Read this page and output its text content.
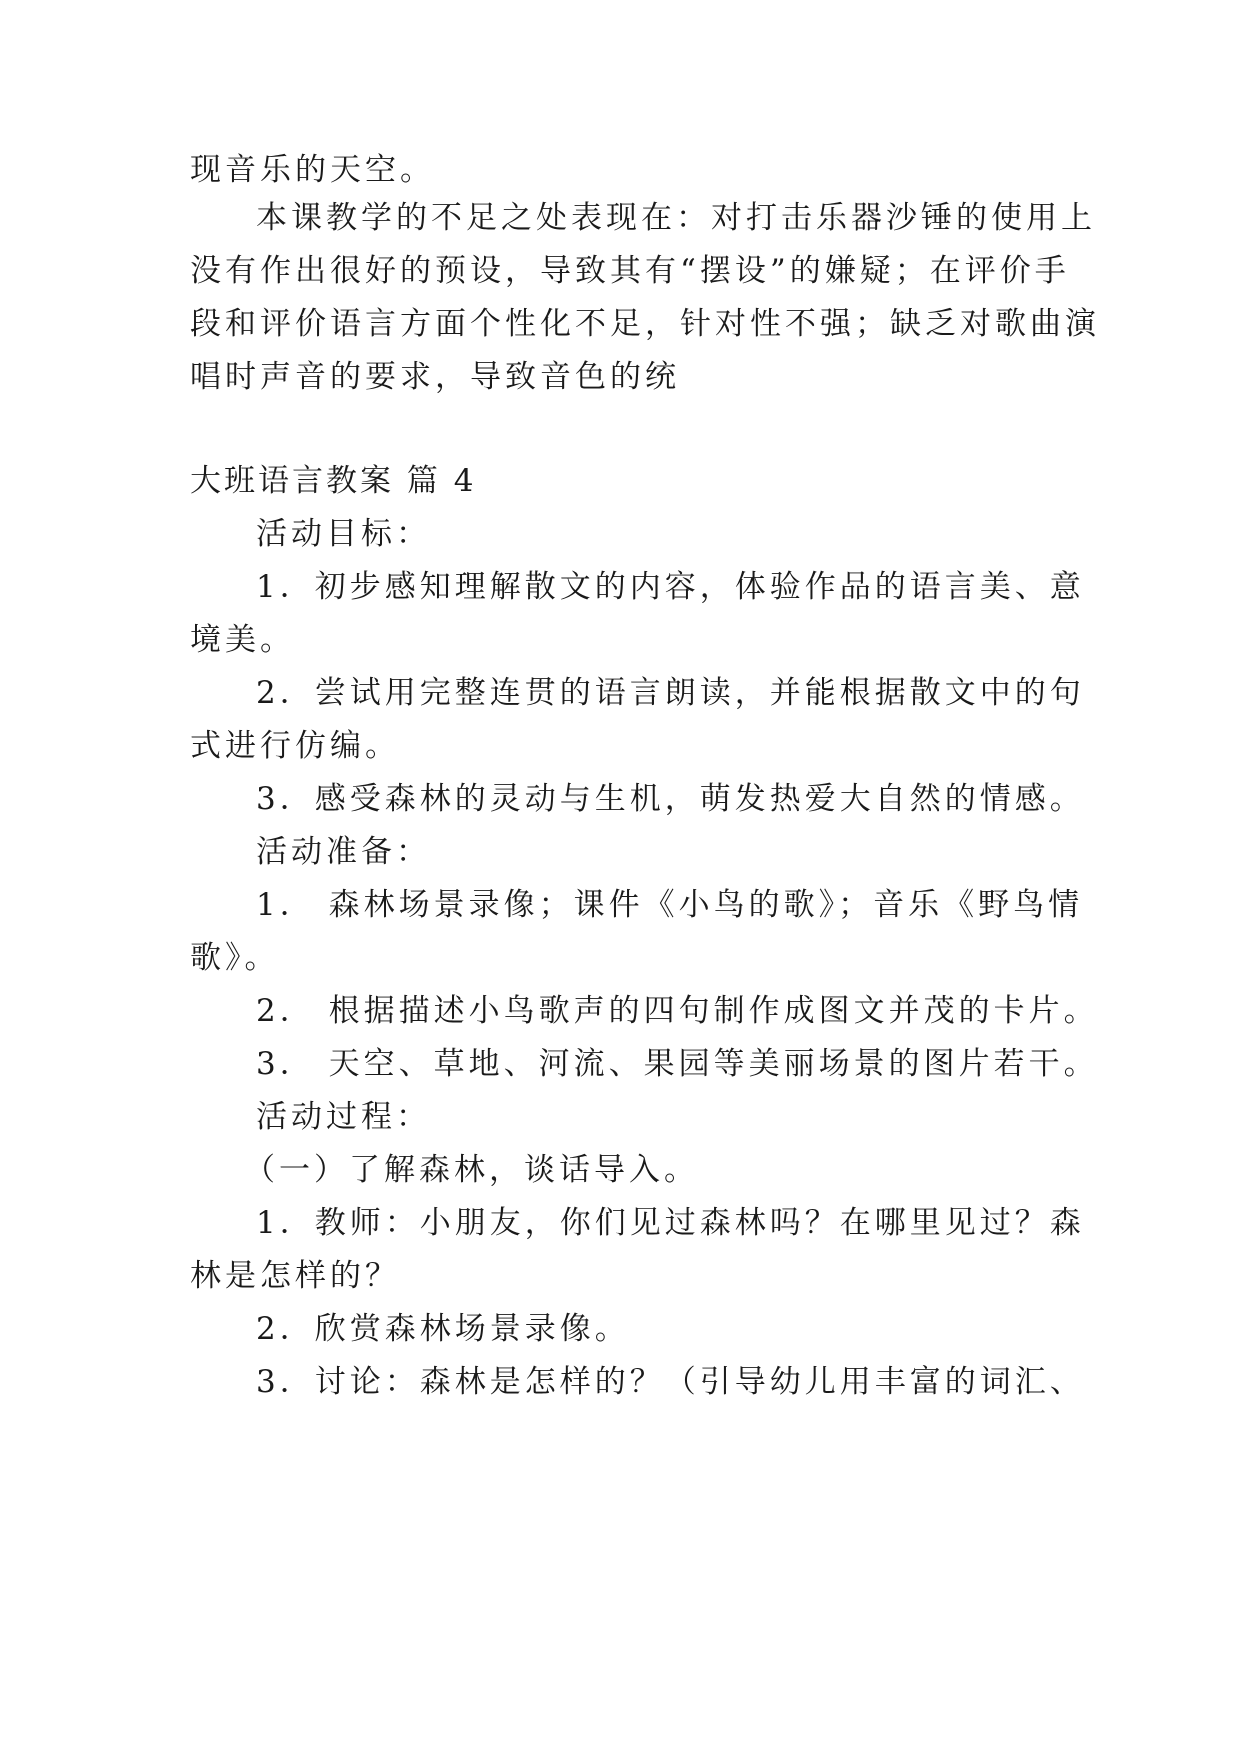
现音乐的天空。
本课教学的不足之处表现在：对打击乐器沙锤的使用上
没有作出很好的预设，导致其有“摆设”的嫌疑；在评价手
段和评价语言方面个性化不足，针对性不强；缺乏对歌曲演
唱时声音的要求，导致音色的统
大班语言教案 篇 4
活动目标：
1．初步感知理解散文的内容，体验作品的语言美、意
境美。
2．尝试用完整连贯的语言朗读，并能根据散文中的句
式进行仿编。
3．感受森林的灵动与生机，萌发热爱大自然的情感。
活动准备：
1． 森林场景录像；课件《小鸟的歌》；音乐《野鸟情
歌》。
2． 根据描述小鸟歌声的四句制作成图文并茂的卡片。
3． 天空、草地、河流、果园等美丽场景的图片若干。
活动过程：
（一）了解森林，谈话导入。
1．教师：小朋友，你们见过森林吗？在哪里见过？森
林是怎样的？
2．欣赏森林场景录像。
3．讨论：森林是怎样的？（引导幼儿用丰富的词汇、
